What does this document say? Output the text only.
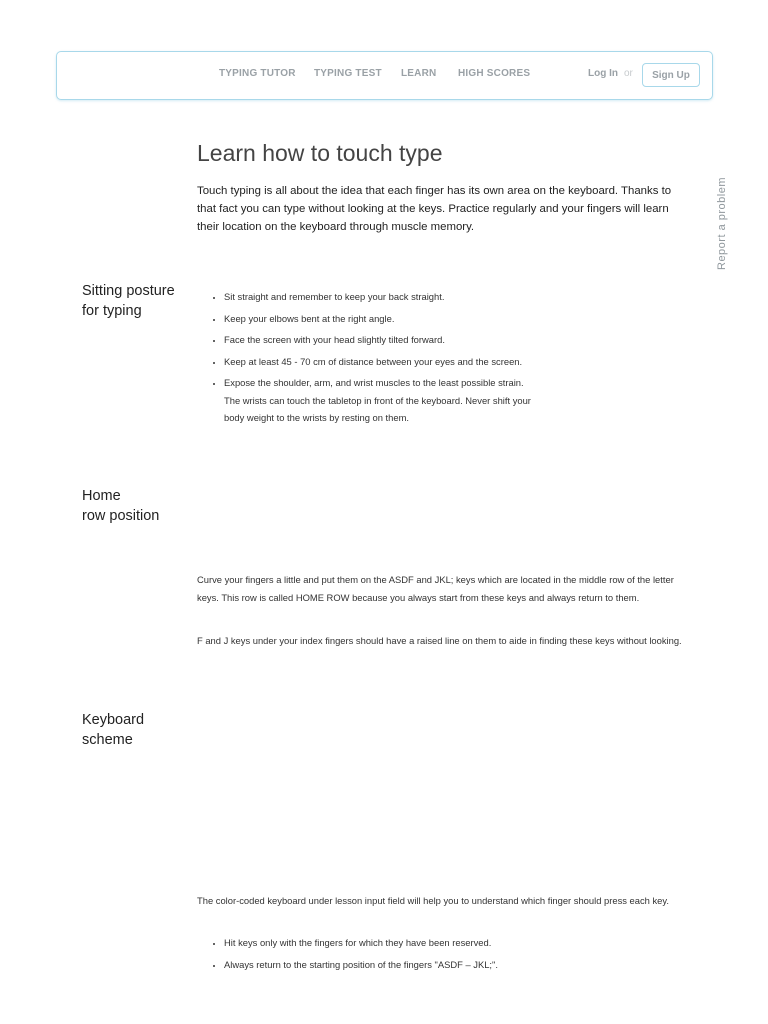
TYPING TUTOR TYPING TEST LEARN HIGH SCORES	Log In or	Sign Up
Report a problem
Learn how to touch type

Touch typing is all about the idea that each finger has its own area on the keyboard. Thanks to that fact you can type without looking at the keys. Practice regularly and your fingers will learn their location on the keyboard through muscle memory.

Sitting posture
for typing
• Sit straight and remember to keep your back straight.
• Keep your elbows bent at the right angle.
• Face the screen with your head slightly tilted forward.
• Keep at least 45 - 70 cm of distance between your eyes and the screen.
• Expose the shoulder, arm, and wrist muscles to the least possible strain. The wrists can touch the tabletop in front of the keyboard. Never shift your body weight to the wrists by resting on them.
Home
row position

Curve your fingers a little and put them on the ASDF and JKL; keys which are located in the middle row of the letter keys. This row is called HOME ROW because you always start from these keys and always return to them.

F and J keys under your index fingers should have a raised line on them to aide in finding these keys without looking.

Keyboard
scheme

The color-coded keyboard under lesson input field will help you to understand which finger should press each key.

• Hit keys only with the fingers for which they have been reserved.
• Always return to the starting position of the fingers "ASDF – JKL;".
